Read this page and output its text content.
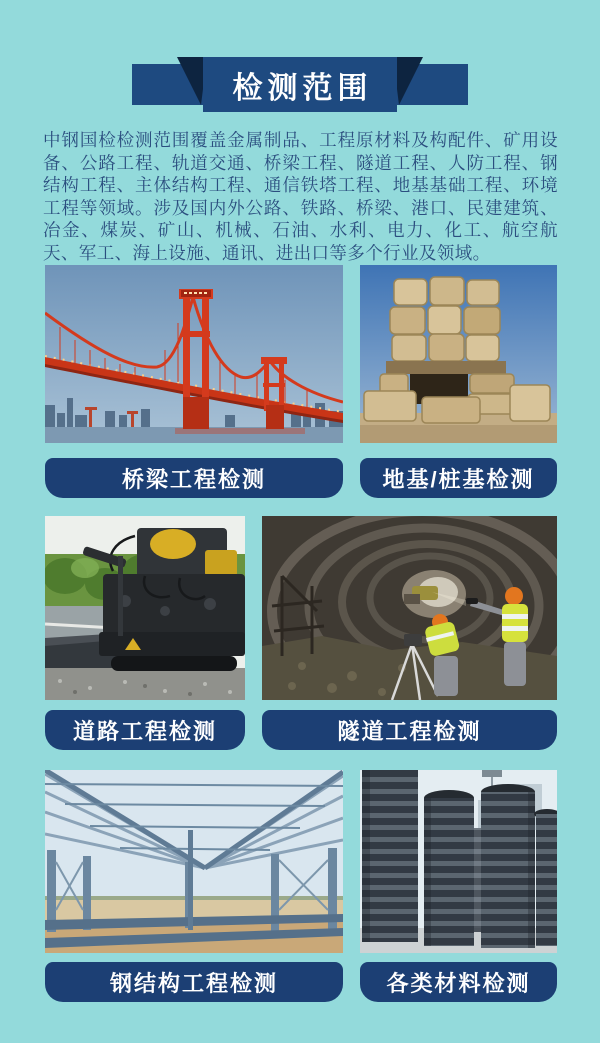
检测范围

中钢国检检测范围覆盖金属制品、工程原材料及构配件、矿用设备、公路工程、轨道交通、桥梁工程、隧道工程、人防工程、钢结构工程、主体结构工程、通信铁塔工程、地基基础工程、环境工程等领域。涉及国内外公路、铁路、桥梁、港口、民建建筑、冶金、煤炭、矿山、机械、石油、水利、电力、化工、航空航天、军工、海上设施、通讯、进出口等多个行业及领域。

桥梁工程检测	地基/桩基检测
道路工程检测	隧道工程检测
钢结构工程检测	各类材料检测
